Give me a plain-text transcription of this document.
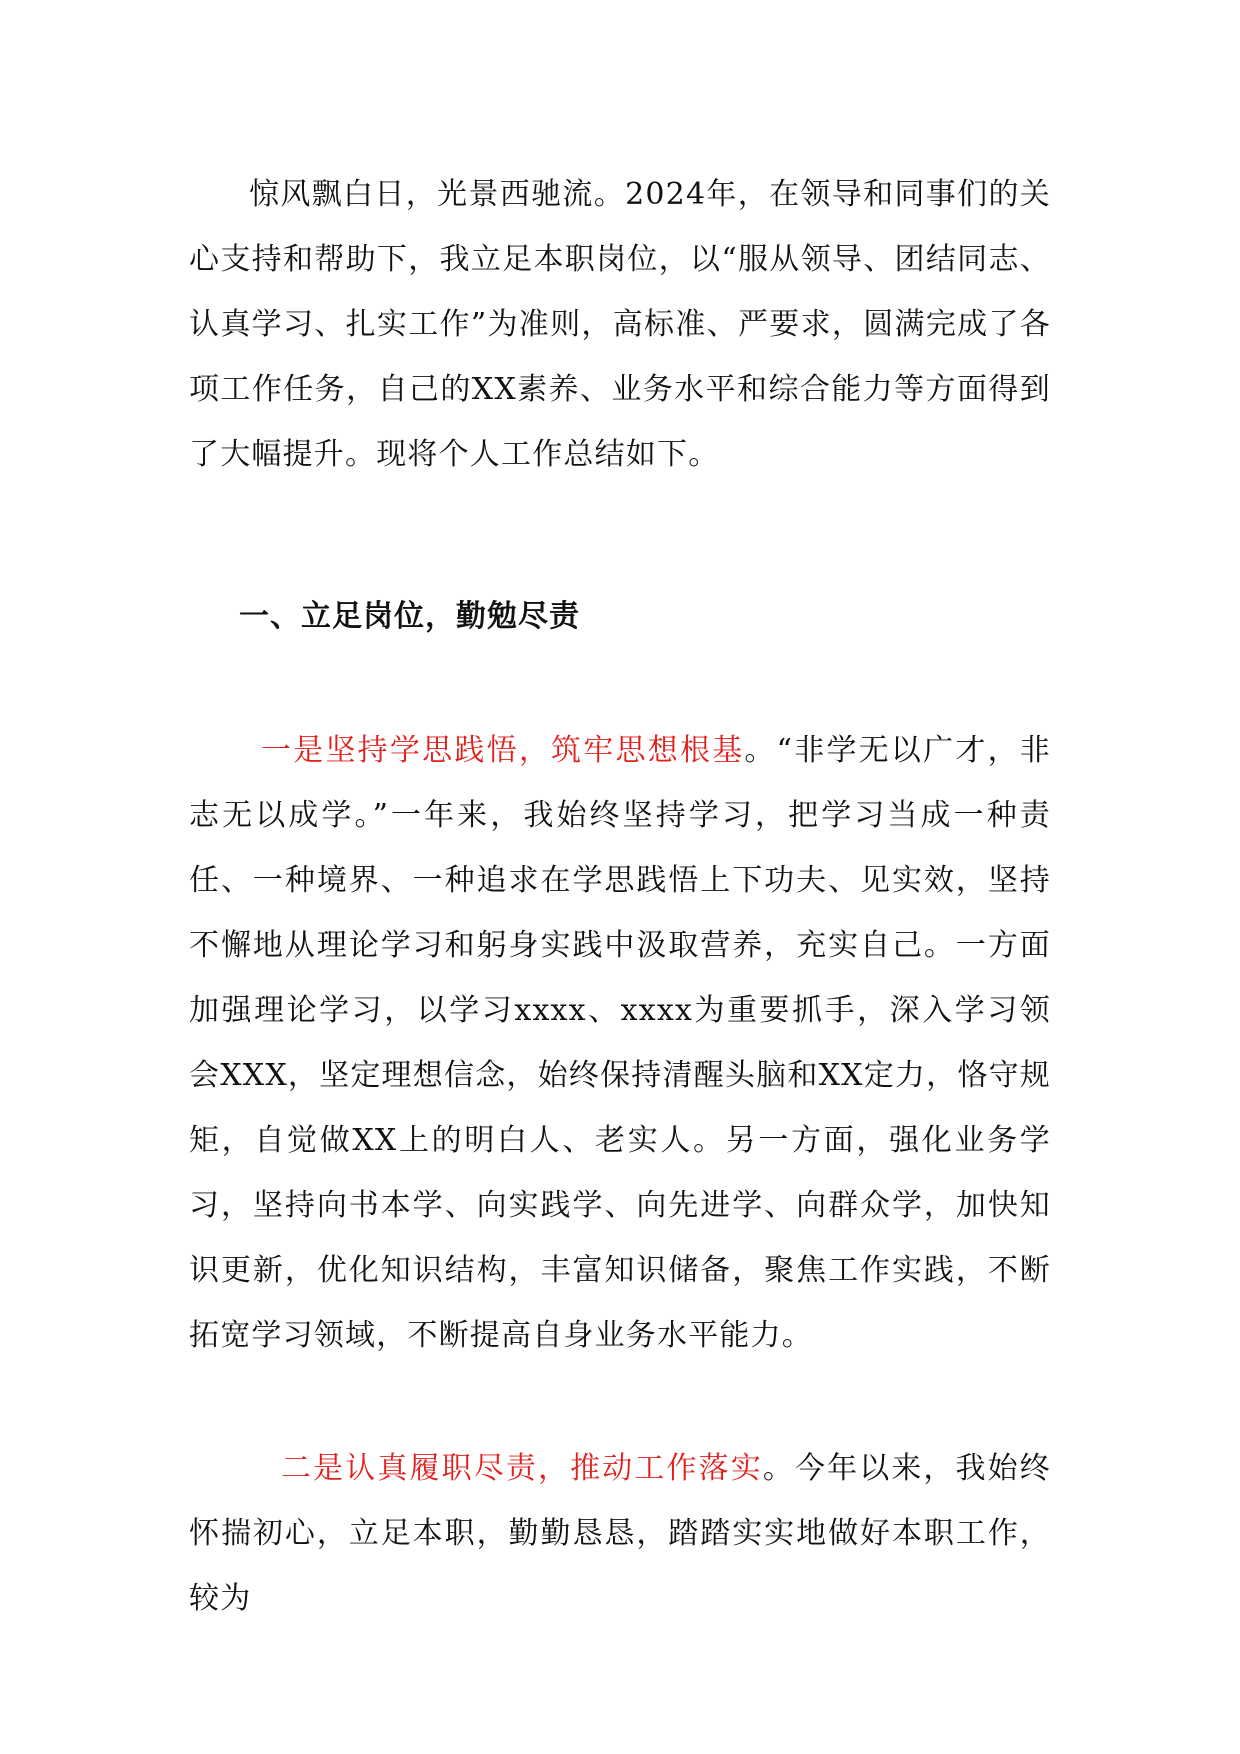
惊风飘白日，光景西驰流。2024年，在领导和同事们的关心支持和帮助下，我立足本职岗位，以“服从领导、团结同志、 认真学习、扎实工作”为准则，高标准、严要求，圆满完成了各项工作任务，自己的XX素养、业务水平和综合能力等方面得到了大幅提升。现将个人工作总结如下。

一、立足岗位，勤勉尽责

一是坚持学思践悟，筑牢思想根基。“非学无以广才，非志无以成学。”一年来，我始终坚持学习，把学习当成一种责任、一种境界、一种追求在学思践悟上下功夫、见实效，坚持不懈地从理论学习和躬身实践中汲取营养，充实自己。一方面加强理论学习，以学习xxxx、xxxx为重要抓手，深入学习领会XXX，坚定理想信念，始终保持清醒头脑和XX定力，恪守规矩，自觉做XX上的明白人、老实人。另一方面，强化业务学习，坚持向书本学、向实践学、向先进学、向群众学，加快知识更新，优化知识结构，丰富知识储备，聚焦工作实践，不断拓宽学习领域，不断提高自身业务水平能力。

二是认真履职尽责，推动工作落实。今年以来，我始终怀揣初心，立足本职，勤勤恳恳，踏踏实实地做好本职工作，较为
